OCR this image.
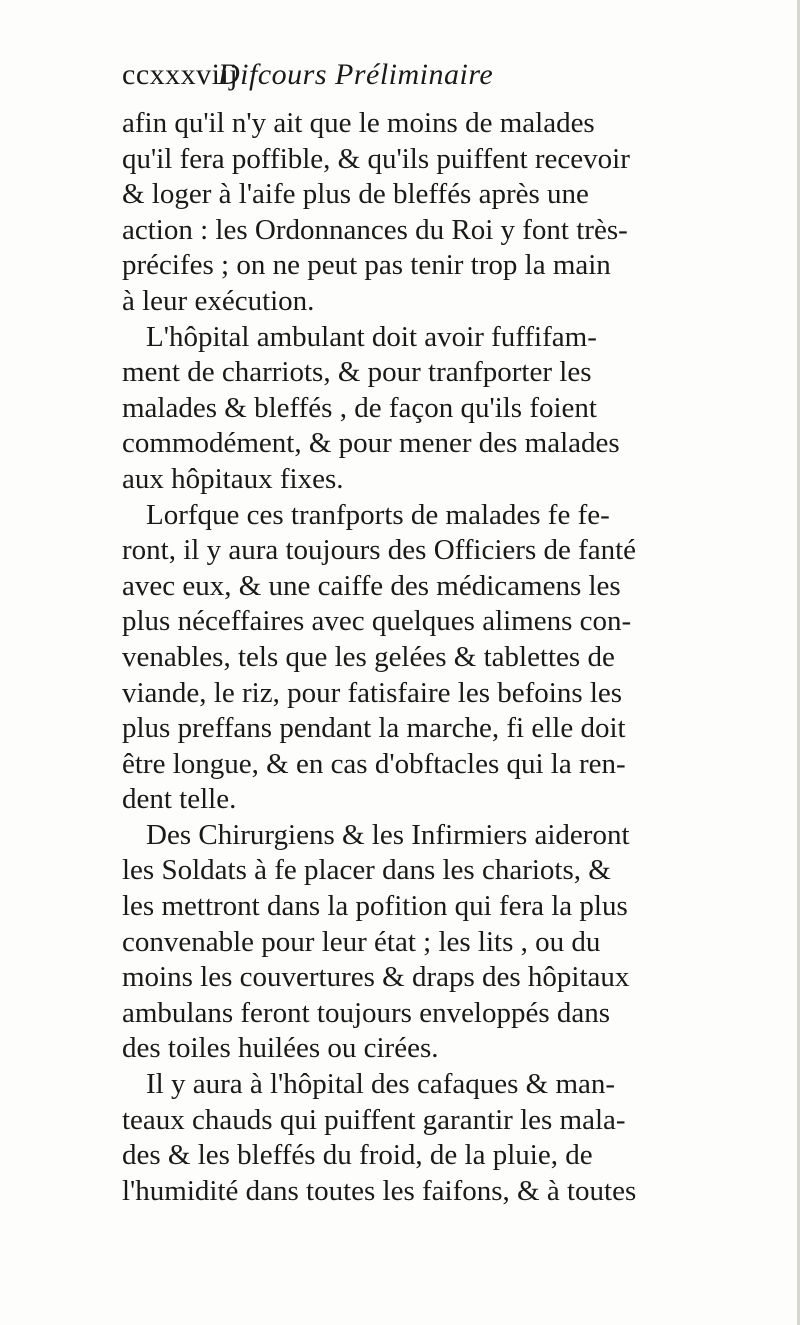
ccxxxviij
Difcours Préliminaire
afin qu'il n'y ait que le moins de malades
qu'il fera poffible, & qu'ils puiffent recevoir
& loger à l'aife plus de bleffés après une
action : les Ordonnances du Roi y font très-
précifes ; on ne peut pas tenir trop la main
à leur exécution.
L'hôpital ambulant doit avoir fuffifam-
ment de charriots, & pour tranfporter les
malades & bleffés , de façon qu'ils foient
commodément, & pour mener des malades
aux hôpitaux fixes.
Lorfque ces tranfports de malades fe fe-
ront, il y aura toujours des Officiers de fanté
avec eux, & une caiffe des médicamens les
plus néceffaires avec quelques alimens con-
venables, tels que les gelées & tablettes de
viande, le riz, pour fatisfaire les befoins les
plus preffans pendant la marche, fi elle doit
être longue, & en cas d'obftacles qui la ren-
dent telle.
Des Chirurgiens & les Infirmiers aideront
les Soldats à fe placer dans les chariots, &
les mettront dans la pofition qui fera la plus
convenable pour leur état ; les lits , ou du
moins les couvertures & draps des hôpitaux
ambulans feront toujours enveloppés dans
des toiles huilées ou cirées.
Il y aura à l'hôpital des cafaques & man-
teaux chauds qui puiffent garantir les mala-
des & les bleffés du froid, de la pluie, de
l'humidité dans toutes les faifons, & à toutes
